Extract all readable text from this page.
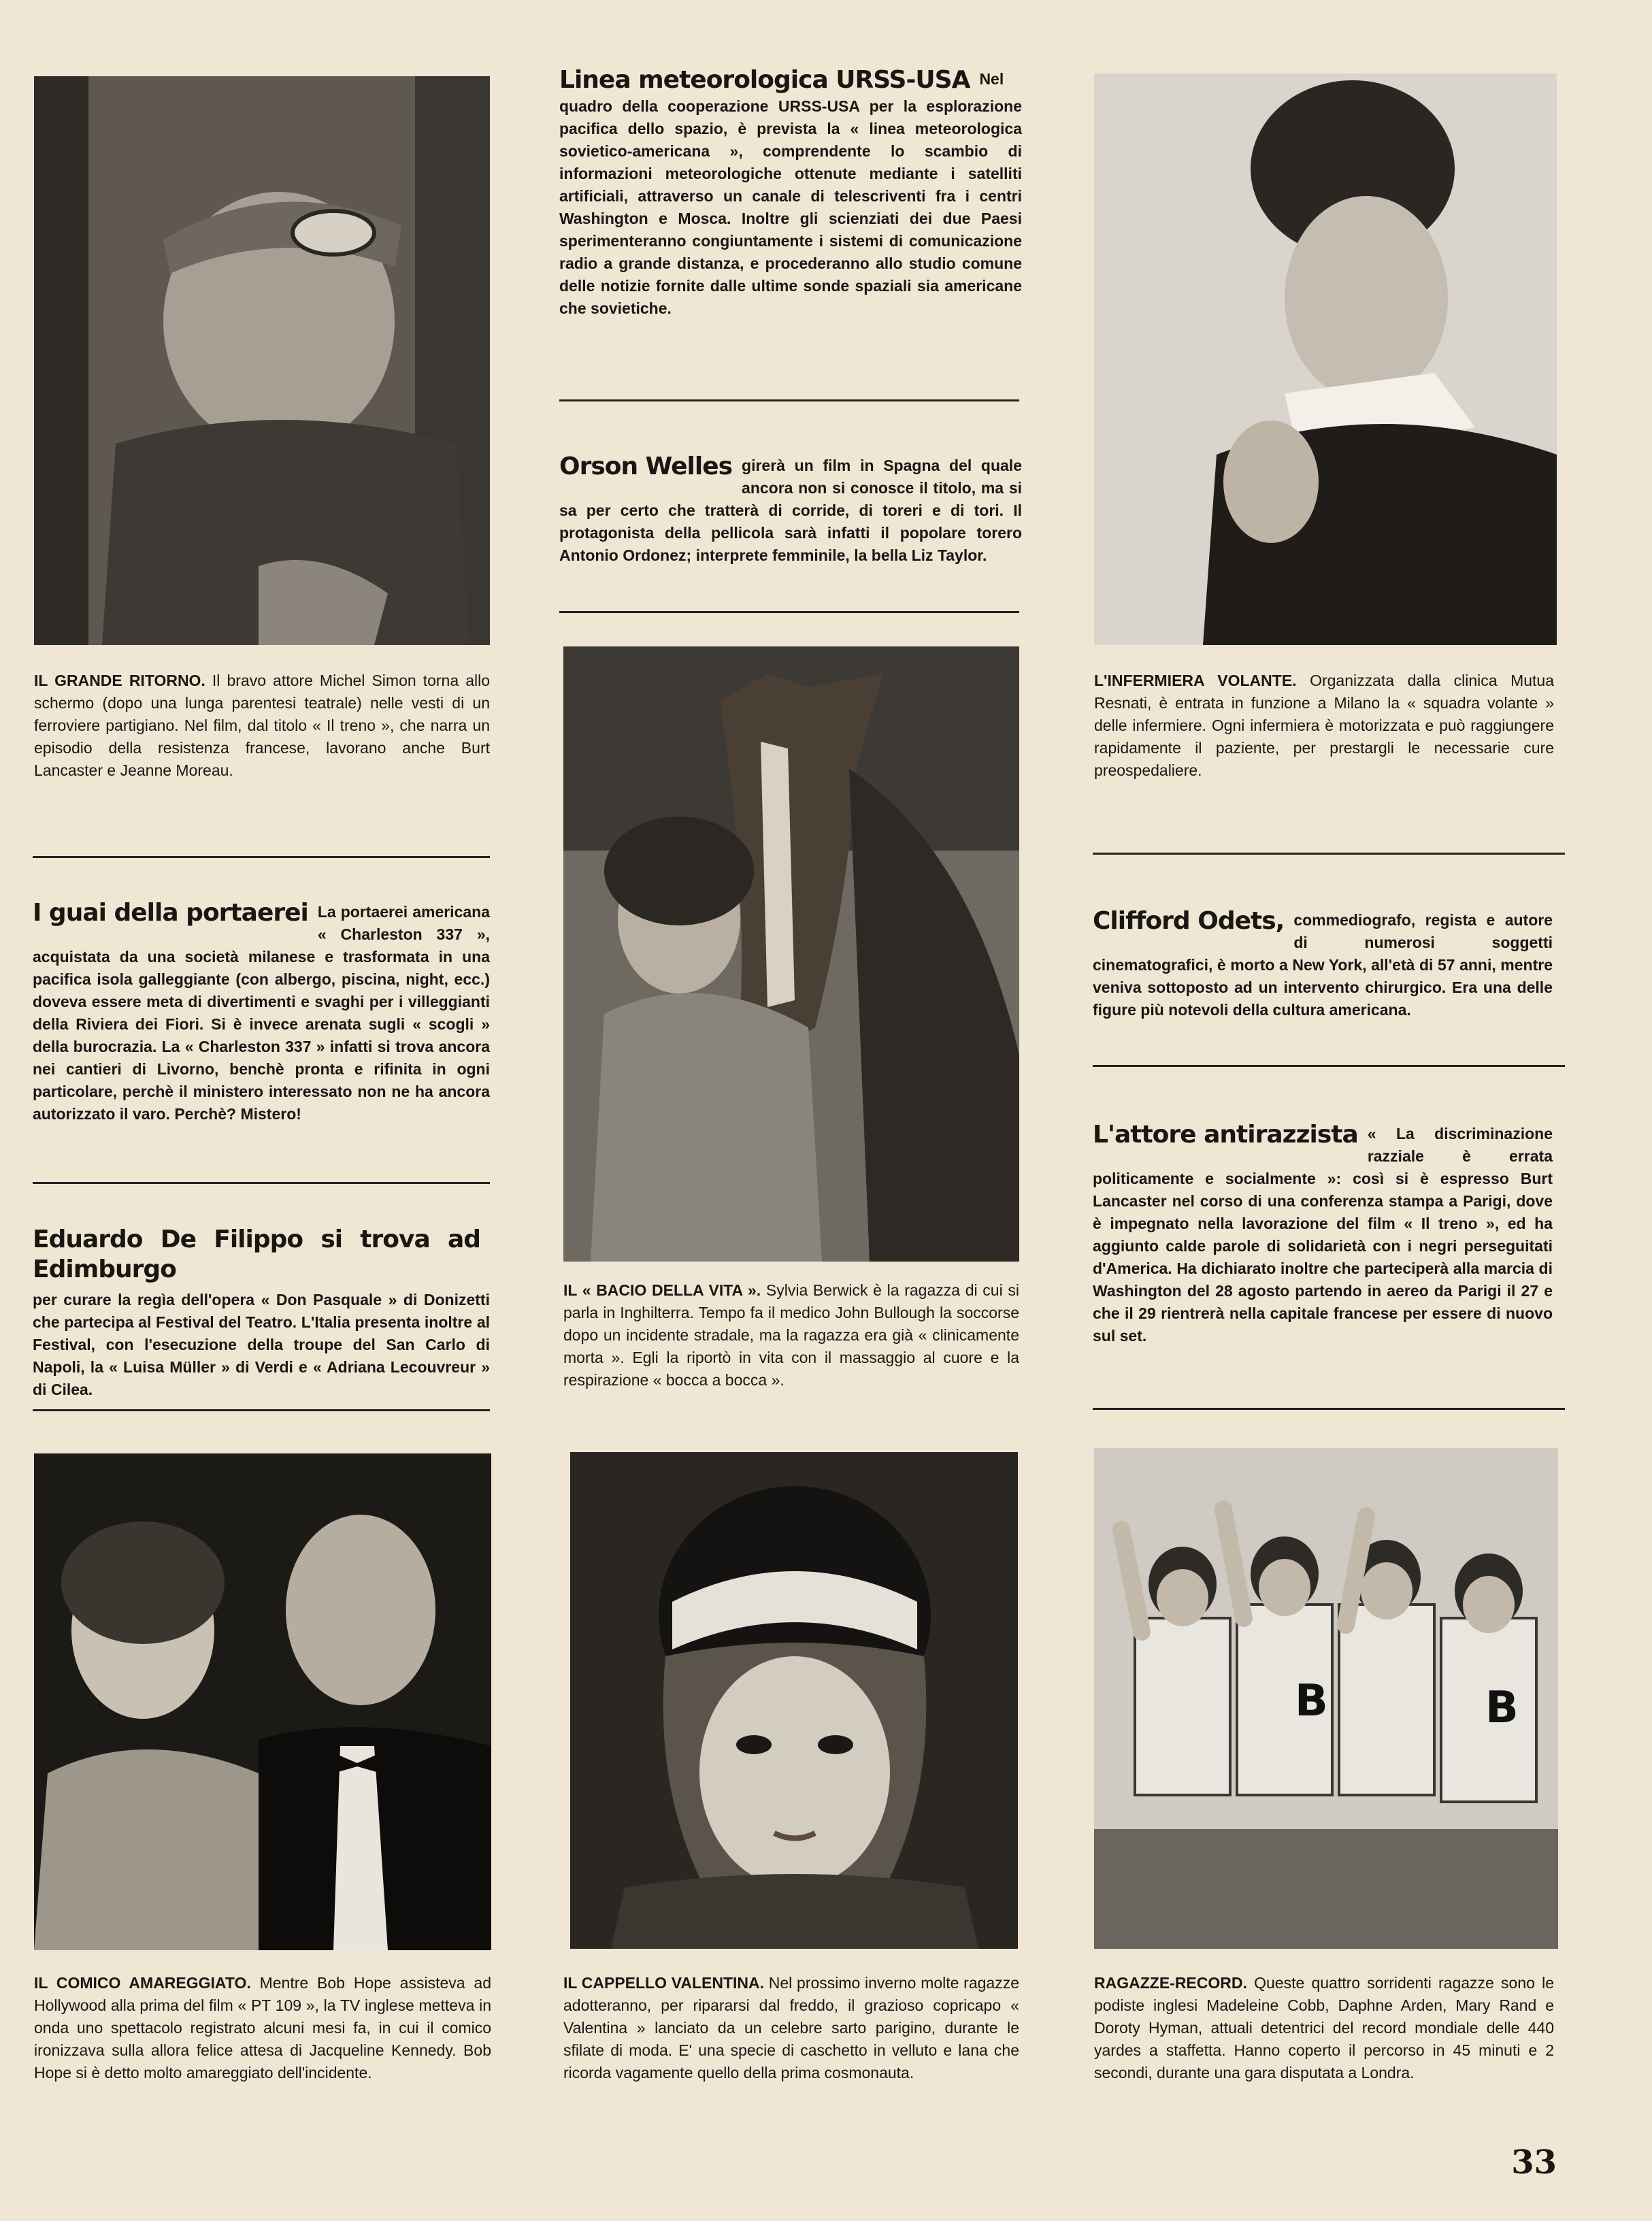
IL GRANDE RITORNO. Il bravo attore Michel Simon torna allo schermo (dopo una lunga parentesi teatrale) nelle vesti di un ferroviere partigiano. Nel film, dal titolo « Il treno », che narra un episodio della resistenza francese, lavorano anche Burt Lancaster e Jeanne Moreau.
Linea meteorologica URSS-USA Nel quadro della cooperazione URSS-USA per la esplorazione pacifica dello spazio, è prevista la « linea meteorologica sovietico-americana », comprendente lo scambio di informazioni meteorologiche ottenute mediante i satelliti artificiali, attraverso un canale di telescriventi fra i centri Washington e Mosca. Inoltre gli scienziati dei due Paesi sperimenteranno congiuntamente i sistemi di comunicazione radio a grande distanza, e procederanno allo studio comune delle notizie fornite dalle ultime sonde spaziali sia americane che sovietiche.
Orson Welles girerà un film in Spagna del quale ancora non si conosce il titolo, ma si sa per certo che tratterà di corride, di toreri e di tori. Il protagonista della pellicola sarà infatti il popolare torero Antonio Ordonez; interprete femminile, la bella Liz Taylor.
L'INFERMIERA VOLANTE. Organizzata dalla clinica Mutua Resnati, è entrata in funzione a Milano la « squadra volante » delle infermiere. Ogni infermiera è motorizzata e può raggiungere rapidamente il paziente, per prestargli le necessarie cure preospedaliere.
I guai della portaerei La portaerei americana « Charleston 337 », acquistata da una società milanese e trasformata in una pacifica isola galleggiante (con albergo, piscina, night, ecc.) doveva essere meta di divertimenti e svaghi per i villeggianti della Riviera dei Fiori. Si è invece arenata sugli « scogli » della burocrazia. La « Charleston 337 » infatti si trova ancora nei cantieri di Livorno, benchè pronta e rifinita in ogni particolare, perchè il ministero interessato non ne ha ancora autorizzato il varo. Perchè? Mistero!
IL « BACIO DELLA VITA ». Sylvia Berwick è la ragazza di cui si parla in Inghilterra. Tempo fa il medico John Bullough la soccorse dopo un incidente stradale, ma la ragazza era già « clinicamente morta ». Egli la riportò in vita con il massaggio al cuore e la respirazione « bocca a bocca ».
Clifford Odets, commediografo, regista e autore di numerosi soggetti cinematografici, è morto a New York, all'età di 57 anni, mentre veniva sottoposto ad un intervento chirurgico. Era una delle figure più notevoli della cultura americana.
Eduardo De Filippo si trova ad Edimburgo
per curare la regìa dell'opera « Don Pasquale » di Donizetti che partecipa al Festival del Teatro. L'Italia presenta inoltre al Festival, con l'esecuzione della troupe del San Carlo di Napoli, la « Luisa Müller » di Verdi e « Adriana Lecouvreur » di Cilea.
L'attore antirazzista « La discriminazione razziale è errata politicamente e socialmente »: così si è espresso Burt Lancaster nel corso di una conferenza stampa a Parigi, dove è impegnato nella lavorazione del film « Il treno », ed ha aggiunto calde parole di solidarietà con i negri perseguitati d'America. Ha dichiarato inoltre che parteciperà alla marcia di Washington del 28 agosto partendo in aereo da Parigi il 27 e che il 29 rientrerà nella capitale francese per essere di nuovo sul set.
IL COMICO AMAREGGIATO. Mentre Bob Hope assisteva ad Hollywood alla prima del film « PT 109 », la TV inglese metteva in onda uno spettacolo registrato alcuni mesi fa, in cui il comico ironizzava sulla allora felice attesa di Jacqueline Kennedy. Bob Hope si è detto molto amareggiato dell'incidente.
IL CAPPELLO VALENTINA. Nel prossimo inverno molte ragazze adotteranno, per ripararsi dal freddo, il grazioso copricapo « Valentina » lanciato da un celebre sarto parigino, durante le sfilate di moda. E' una specie di caschetto in velluto e lana che ricorda vagamente quello della prima cosmonauta.
B	B
RAGAZZE-RECORD. Queste quattro sorridenti ragazze sono le podiste inglesi Madeleine Cobb, Daphne Arden, Mary Rand e Doroty Hyman, attuali detentrici del record mondiale delle 440 yardes a staffetta. Hanno coperto il percorso in 45 minuti e 2 secondi, durante una gara disputata a Londra.
33
